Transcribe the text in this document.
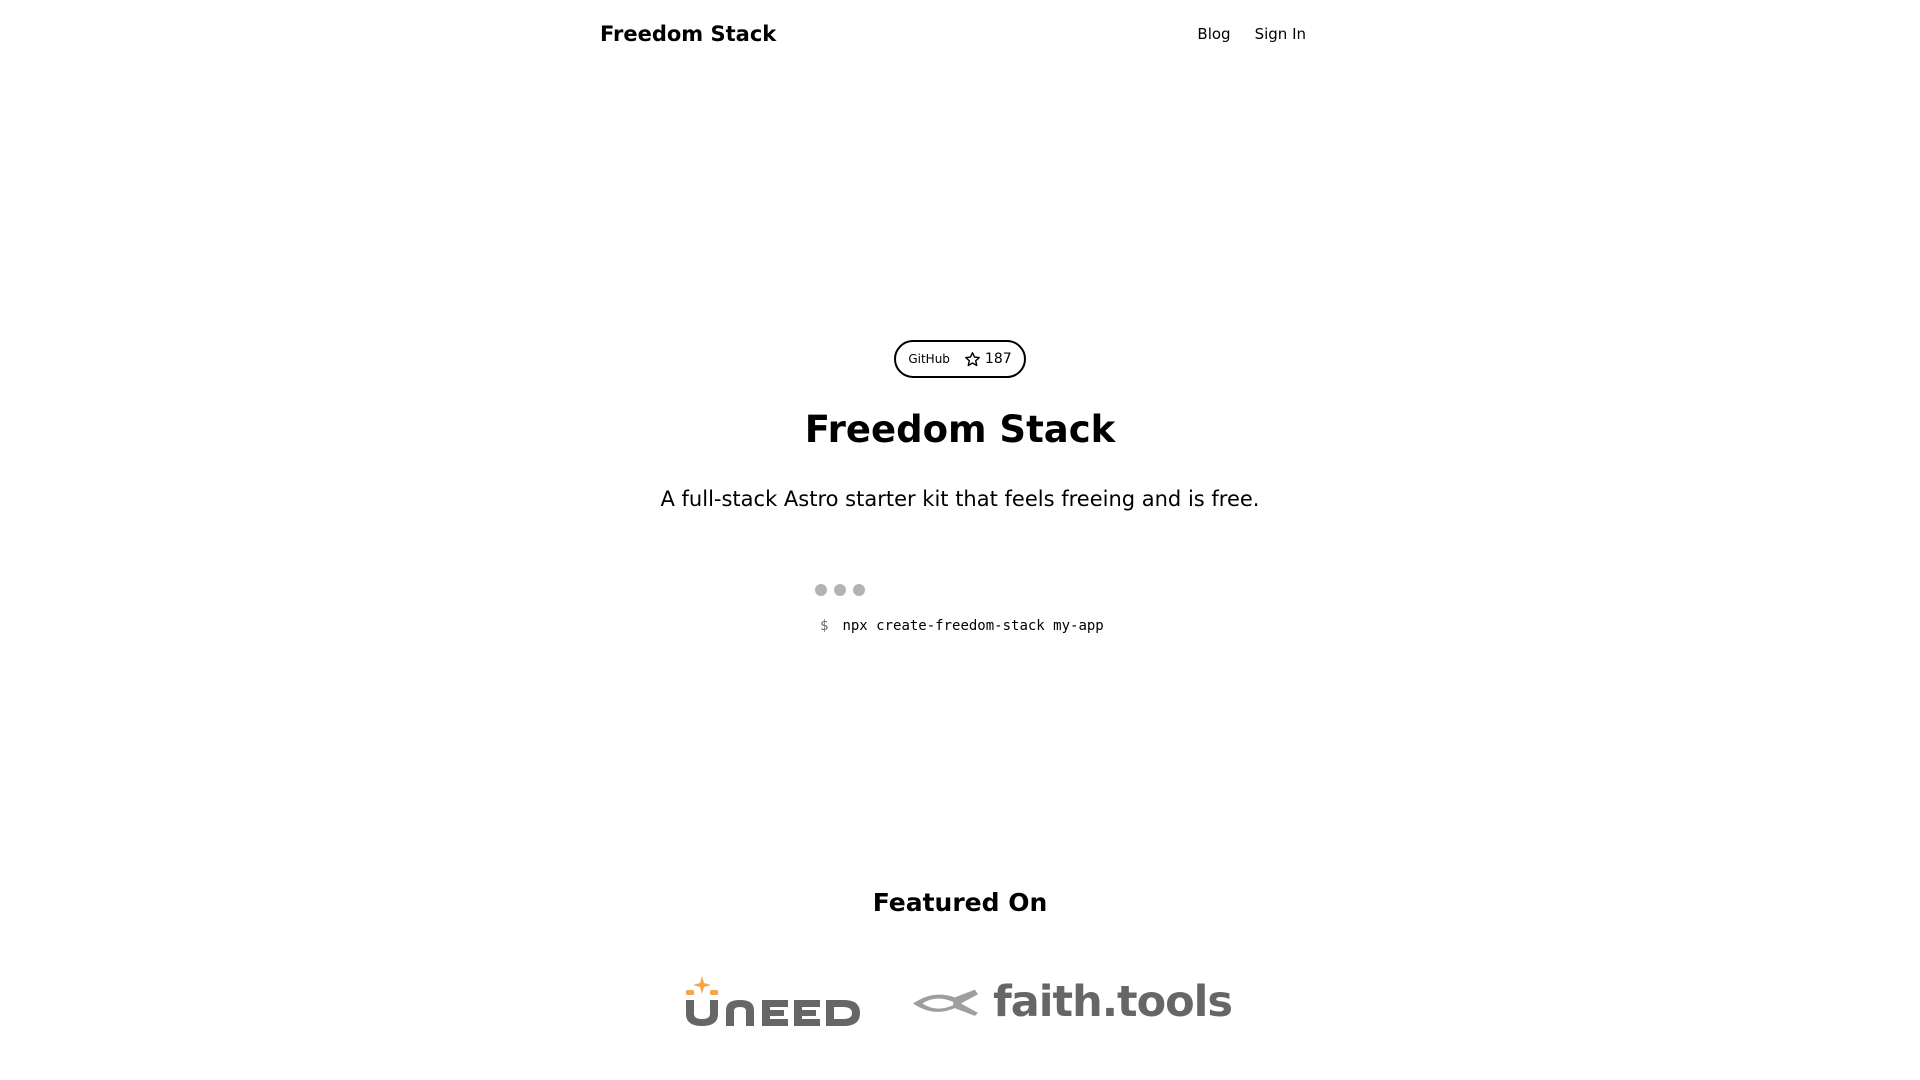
Freedom Stack	Blog Sign In
GitHub	187
Freedom Stack

A full-stack Astro starter kit that feels freeing and is free.

$ npx create-freedom-stack my-app
Featured On
faith.tools
